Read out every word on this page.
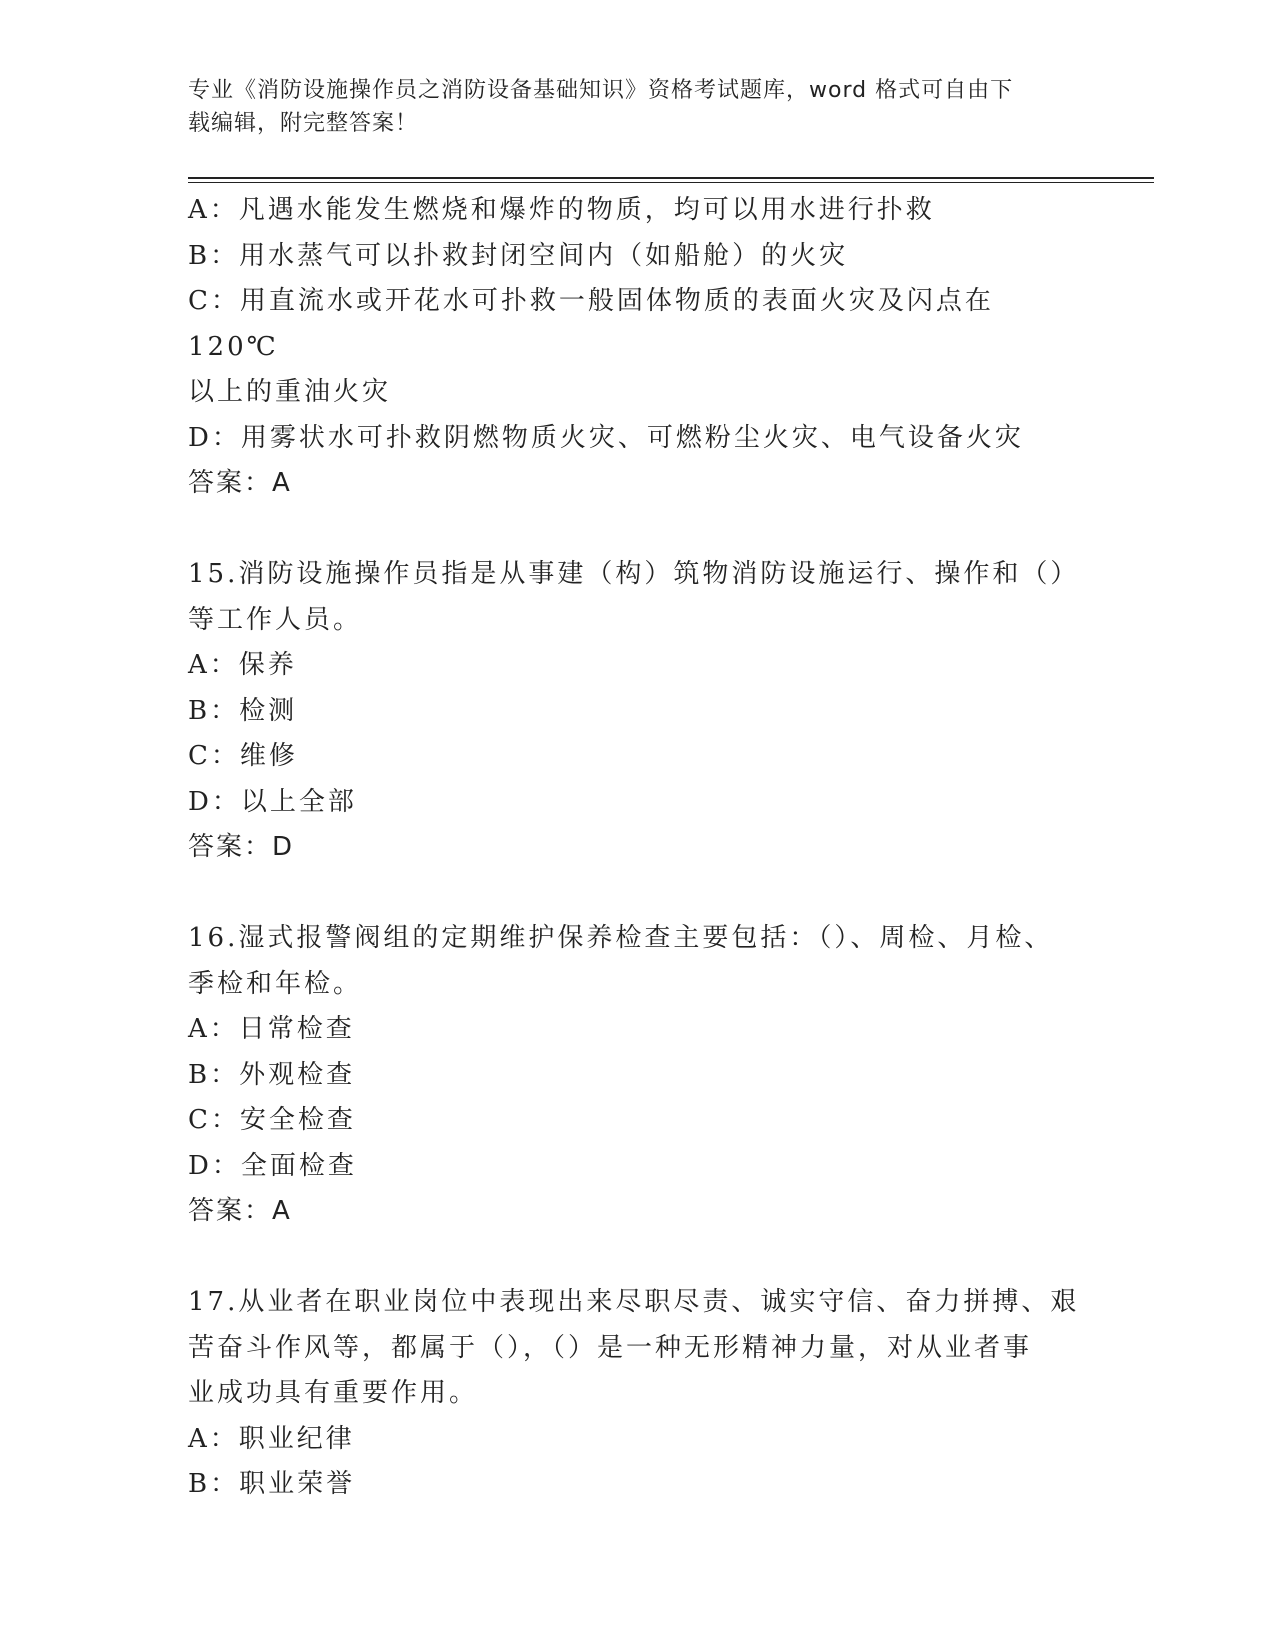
专业《消防设施操作员之消防设备基础知识》资格考试题库，word 格式可自由下
载编辑，附完整答案！

A：凡遇水能发生燃烧和爆炸的物质，均可以用水进行扑救

B：用水蒸气可以扑救封闭空间内（如船舱）的火灾

C：用直流水或开花水可扑救一般固体物质的表面火灾及闪点在 120℃

以上的重油火灾

D：用雾状水可扑救阴燃物质火灾、可燃粉尘火灾、电气设备火灾

答案：A

15.消防设施操作员指是从事建（构）筑物消防设施运行、操作和（）

等工作人员。

A：保养

B：检测

C：维修

D：以上全部

答案：D

16.湿式报警阀组的定期维护保养检查主要包括：（）、周检、月检、

季检和年检。

A：日常检查

B：外观检查

C：安全检查

D：全面检查

答案：A

17.从业者在职业岗位中表现出来尽职尽责、诚实守信、奋力拼搏、艰

苦奋斗作风等，都属于（），（）是一种无形精神力量，对从业者事

业成功具有重要作用。

A：职业纪律

B：职业荣誉
